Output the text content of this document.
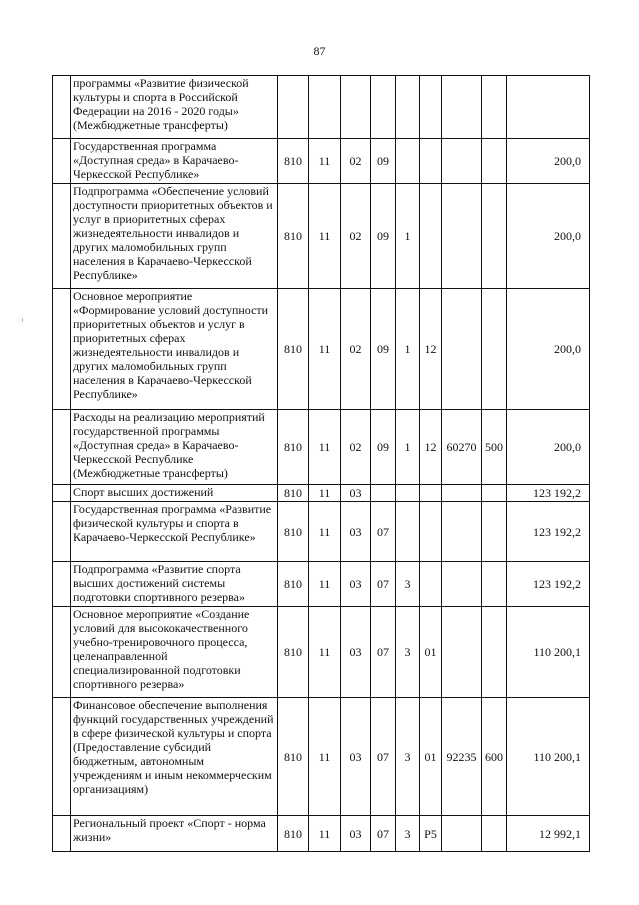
87
	программы «Развитие физической культуры и спорта в Российской Федерации на 2016 - 2020 годы» (Межбюджетные трансферты)									
	Государственная программа «Доступная среда» в Карачаево-Черкесской Республике»	810	11	02	09					200,0
	Подпрограмма «Обеспечение условий доступности приоритетных объектов и услуг в приоритетных сферах жизнедеятельности инвалидов и других маломобильных групп населения в Карачаево-Черкесской Республике»	810	11	02	09	1				200,0
	Основное мероприятие «Формирование условий доступности приоритетных объектов и услуг в приоритетных сферах жизнедеятельности инвалидов и других маломобильных групп населения в Карачаево-Черкесской Республике»	810	11	02	09	1	12			200,0
	Расходы на реализацию мероприятий государственной программы «Доступная среда» в Карачаево-Черкесской Республике (Межбюджетные трансферты)	810	11	02	09	1	12	60270	500	200,0
	Спорт высших достижений	810	11	03						123 192,2
	Государственная программа «Развитие физической культуры и спорта в Карачаево-Черкесской Республике»	810	11	03	07					123 192,2
	Подпрограмма «Развитие спорта высших достижений системы подготовки спортивного резерва»	810	11	03	07	3				123 192,2
	Основное мероприятие «Создание условий для высококачественного учебно-тренировочного процесса, целенаправленной специализированной подготовки спортивного резерва»	810	11	03	07	3	01			110 200,1
	Финансовое обеспечение выполнения функций государственных учреждений в сфере физической культуры и спорта (Предоставление субсидий бюджетным, автономным учреждениям и иным некоммерческим организациям)	810	11	03	07	3	01	92235	600	110 200,1
	Региональный проект «Спорт - норма жизни»	810	11	03	07	3	P5			12 992,1
